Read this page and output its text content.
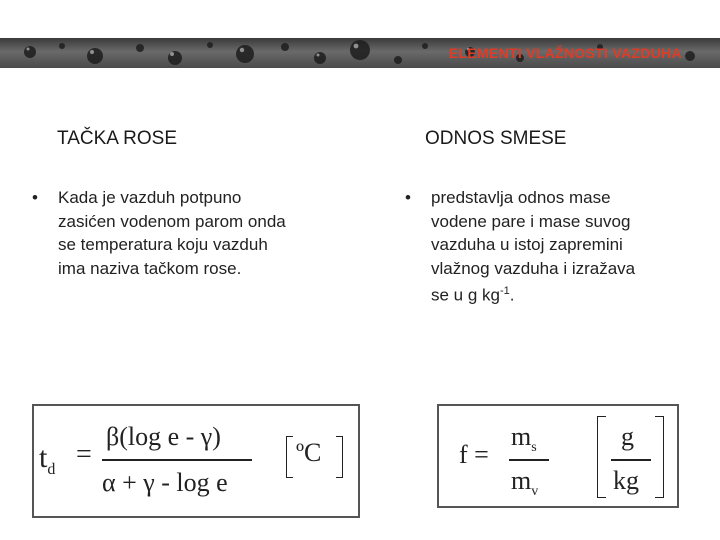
ELEMENTI VLAŽNOSTI VAZDUHA
TAČKA ROSE
• Kada je vazduh potpuno
zasićen vodenom parom onda
se temperatura koju vazduh
ima naziva tačkom rose.
$t_d$ =
β(log e - γ)
α + γ - log e
ºC
ODNOS SMESE
• predstavlja odnos mase
vodene pare i mase suvog
vazduha u istoj zapremini
vlažnog vazduha i izražava
se u g $kg^{-1}$.
f =
$m_s$
$m_v$
g
kg
